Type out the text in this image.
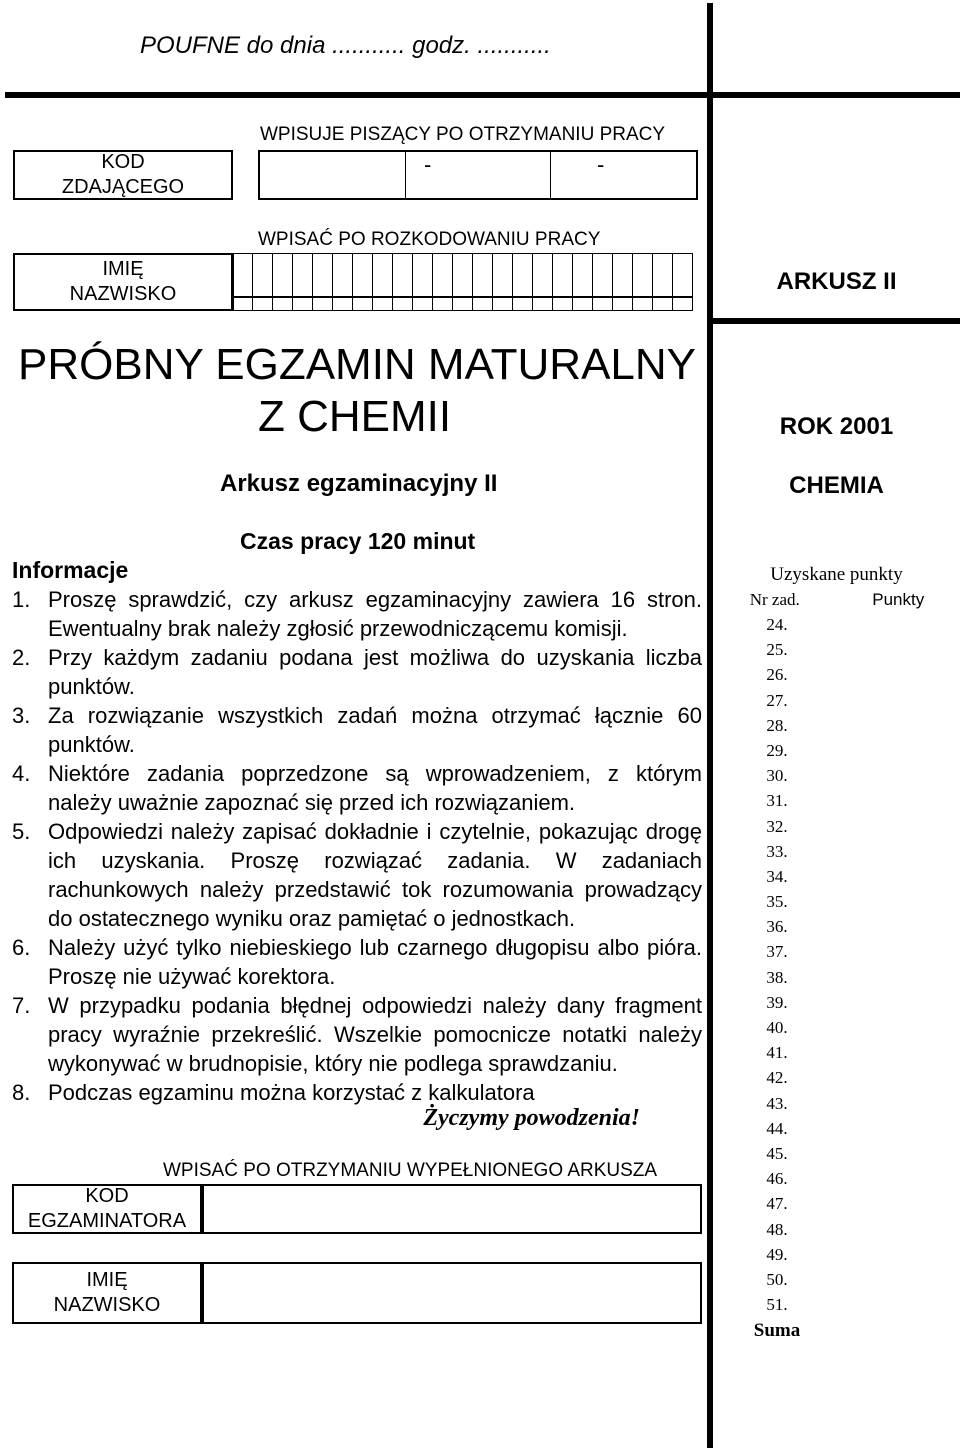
POUFNE do dnia ........... godz. ...........
KOD
ZDAJĄCEGO
WPISUJE PISZĄCY PO OTRZYMANIU PRACY
-	-
IMIĘ
NAZWISKO
WPISAĆ PO ROZKODOWANIU PRACY
ARKUSZ II
PRÓBNY EGZAMIN MATURALNY
Z CHEMII	ROK 2001
Arkusz egzaminacyjny II	CHEMIA
Czas pracy 120 minut
Informacje
1. Proszę sprawdzić, czy arkusz egzaminacyjny zawiera 16 stron. Ewentualny brak należy zgłosić przewodniczącemu komisji.
2. Przy każdym zadaniu podana jest możliwa do uzyskania liczba punktów.
3. Za rozwiązanie wszystkich zadań można otrzymać łącznie 60 punktów.
4. Niektóre zadania poprzedzone są wprowadzeniem, z którym należy uważnie zapoznać się przed ich rozwiązaniem.
5. Odpowiedzi należy zapisać dokładnie i czytelnie, pokazując drogę ich uzyskania. Proszę rozwiązać zadania. W zadaniach rachunkowych należy przedstawić tok rozumowania prowadzący do ostatecznego wyniku oraz pamiętać o jednostkach.
6. Należy użyć tylko niebieskiego lub czarnego długopisu albo pióra. Proszę nie używać korektora.
7. W przypadku podania błędnej odpowiedzi należy dany fragment pracy wyraźnie przekreślić. Wszelkie pomocnicze notatki należy wykonywać w brudnopisie, który nie podlega sprawdzaniu.
8. Podczas egzaminu można korzystać z kalkulatora
Życzymy powodzenia!
WPISAĆ PO OTRZYMANIU WYPEŁNIONEGO ARKUSZA
KOD
EGZAMINATORA
IMIĘ
NAZWISKO
Uzyskane punkty
Nr zad.	Punkty
24.
25.
26.
27.
28.
29.
30.
31.
32.
33.
34.
35.
36.
37.
38.
39.
40.
41.
42.
43.
44.
45.
46.
47.
48.
49.
50.
51.
Suma
